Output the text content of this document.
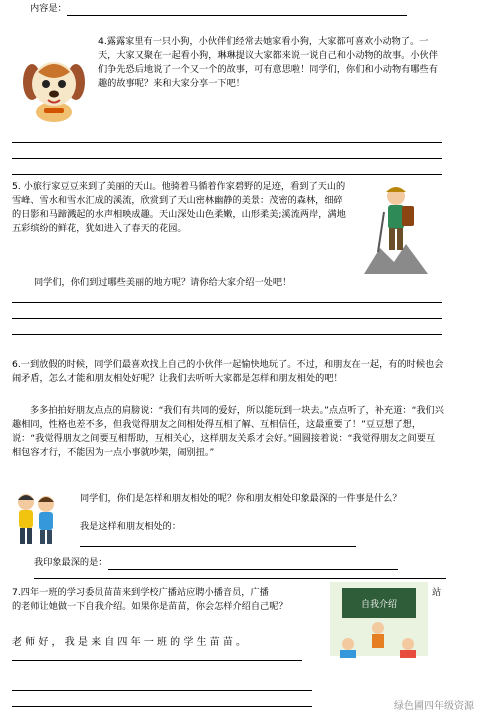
内容是：
4.露露家里有一只小狗，小伙伴们经常去她家看小狗，大家都可喜欢小动物了。一天，大家又聚在一起看小狗，琳琳提议大家都来说一说自己和小动物的故事。小伙伴们争先恐后地说了一个又一个的故事，可有意思啦！同学们，你们和小动物有哪些有趣的故事呢？来和大家分享一下吧！
5. 小旅行家豆豆来到了美丽的天山。他骑着马循着作家碧野的足迹，看到了天山的雪峰、雪水和雪水汇成的溪流，欣赏到了天山密林幽静的美景：茂密的森林，细碎的日影和马蹄溅起的水声相映成趣。天山深处山色柔嫩，山形柔美;溪流两岸，满地五彩缤纷的鲜花，犹如进入了春天的花园。
同学们，你们到过哪些美丽的地方呢？请你给大家介绍一处吧！
6.一到放假的时候，同学们最喜欢找上自己的小伙伴一起愉快地玩了。不过，和朋友在一起，有的时候也会闹矛盾，怎么才能和朋友相处好呢？让我们去听听大家都是怎样和朋友相处的吧！
多多拍拍好朋友点点的肩膀说：“我们有共同的爱好，所以能玩到一块去。”点点听了，补充道：“我们兴趣相同，性格也差不多，但我觉得朋友之间相处得互相了解、互相信任，这最重要了！”豆豆想了想，说：“我觉得朋友之间要互相帮助，互相关心，这样朋友关系才会好。”圆圆接着说：“我觉得朋友之间要互相包容才行，不能因为一点小事就吵架，闹别扭。”
同学们，你们是怎样和朋友相处的呢？你和朋友相处印象最深的一件事是什么？
我是这样和朋友相处的：
我印象最深的是：
7.四年一班的学习委员苗苗来到学校广播站应聘小播音员，广播	站
的老师让她做一下自我介绍。如果你是苗苗，你会怎样介绍自己呢？	自我介绍
老 师 好 ， 我 是 来 自 四 年 一 班 的 学 生 苗 苗 。
绿色圃四年级资源
